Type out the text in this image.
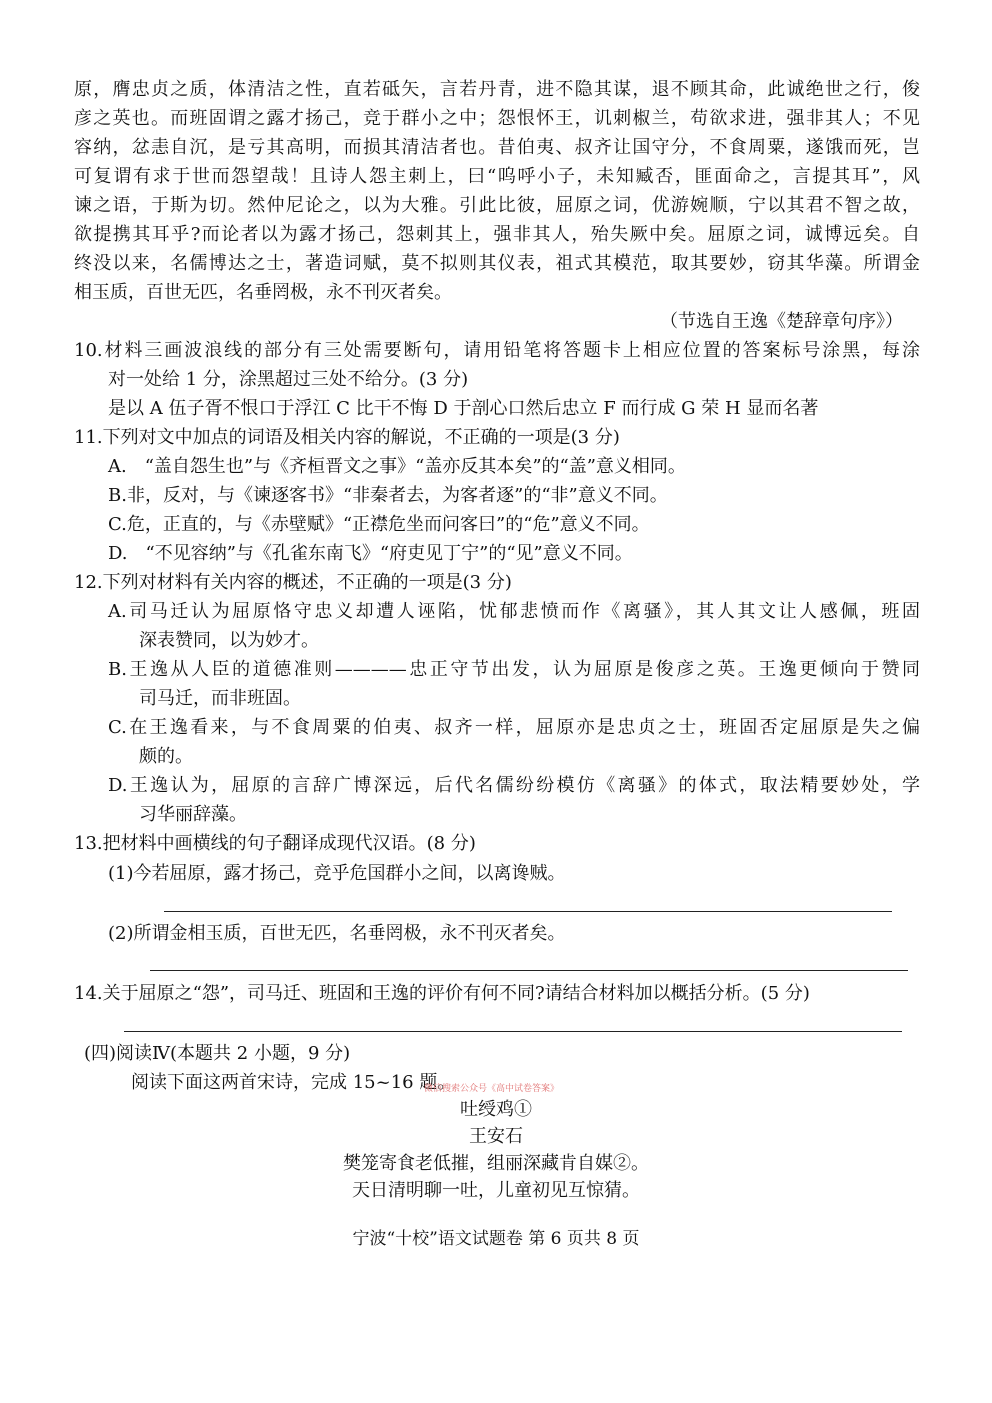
原，膺忠贞之质，体清洁之性，直若砥矢，言若丹青，进不隐其谋，退不顾其命，此诚绝世之行，俊
彦之英也。而班固谓之露才扬己，竞于群小之中；怨恨怀王，讥刺椒兰，苟欲求进，强非其人；不见
容纳，忿恚自沉，是亏其高明，而损其清洁者也。昔伯夷、叔齐让国守分，不食周粟，遂饿而死，岂
可复谓有求于世而怨望哉！且诗人怨主刺上，曰“呜呼小子，未知臧否，匪面命之，言提其耳”，风
谏之语，于斯为切。然仲尼论之，以为大雅。引此比彼，屈原之词，优游婉顺，宁以其君不智之故，
欲提携其耳乎?而论者以为露才扬己，怨刺其上，强非其人，殆失厥中矣。屈原之词，诚博远矣。自
终没以来，名儒博达之士，著造词赋，莫不拟则其仪表，祖式其模范，取其要妙，窃其华藻。所谓金
相玉质，百世无匹，名垂罔极，永不刊灭者矣。
（节选自王逸《楚辞章句序》）
10.材料三画波浪线的部分有三处需要断句，请用铅笔将答题卡上相应位置的答案标号涂黑，每涂
对一处给 1 分，涂黑超过三处不给分。(3 分)
是以 A 伍子胥不恨口于浮江 C 比干不悔 D 于剖心口然后忠立 F 而行成 G 荣 H 显而名著
11.下列对文中加点的词语及相关内容的解说，不正确的一项是(3 分)
A.　“盖自怨生也”与《齐桓晋文之事》“盖亦反其本矣”的“盖”意义相同。
B.非，反对，与《谏逐客书》“非秦者去，为客者逐”的“非”意义不同。
C.危，正直的，与《赤壁赋》“正襟危坐而问客曰”的“危”意义不同。
D.　“不见容纳”与《孔雀东南飞》“府吏见丁宁”的“见”意义不同。
12.下列对材料有关内容的概述，不正确的一项是(3 分)
A.司马迁认为屈原恪守忠义却遭人诬陷，忧郁悲愤而作《离骚》，其人其文让人感佩，班固
深表赞同，以为妙才。
B.王逸从人臣的道德准则————忠正守节出发，认为屈原是俊彦之英。王逸更倾向于赞同
司马迁，而非班固。
C.在王逸看来，与不食周粟的伯夷、叔齐一样，屈原亦是忠贞之士，班固否定屈原是失之偏
颇的。
D.王逸认为，屈原的言辞广博深远，后代名儒纷纷模仿《离骚》的体式，取法精要妙处，学
习华丽辞藻。
13.把材料中画横线的句子翻译成现代汉语。(8 分)
(1)今若屈原，露才扬己，竞乎危国群小之间，以离谗贼。
(2)所谓金相玉质，百世无匹，名垂罔极，永不刊灭者矣。
14.关于屈原之“怨”，司马迁、班固和王逸的评价有何不同?请结合材料加以概括分析。(5 分)
(四)阅读Ⅳ(本题共 2 小题，9 分)
阅读下面这两首宋诗，完成 15~16 题。
微信搜索公众号《高中试卷答案》
吐绶鸡①
王安石
樊笼寄食老低摧，组丽深藏肯自媒②。
天日清明聊一吐，儿童初见互惊猜。
宁波“十校”语文试题卷 第 6 页共 8 页
